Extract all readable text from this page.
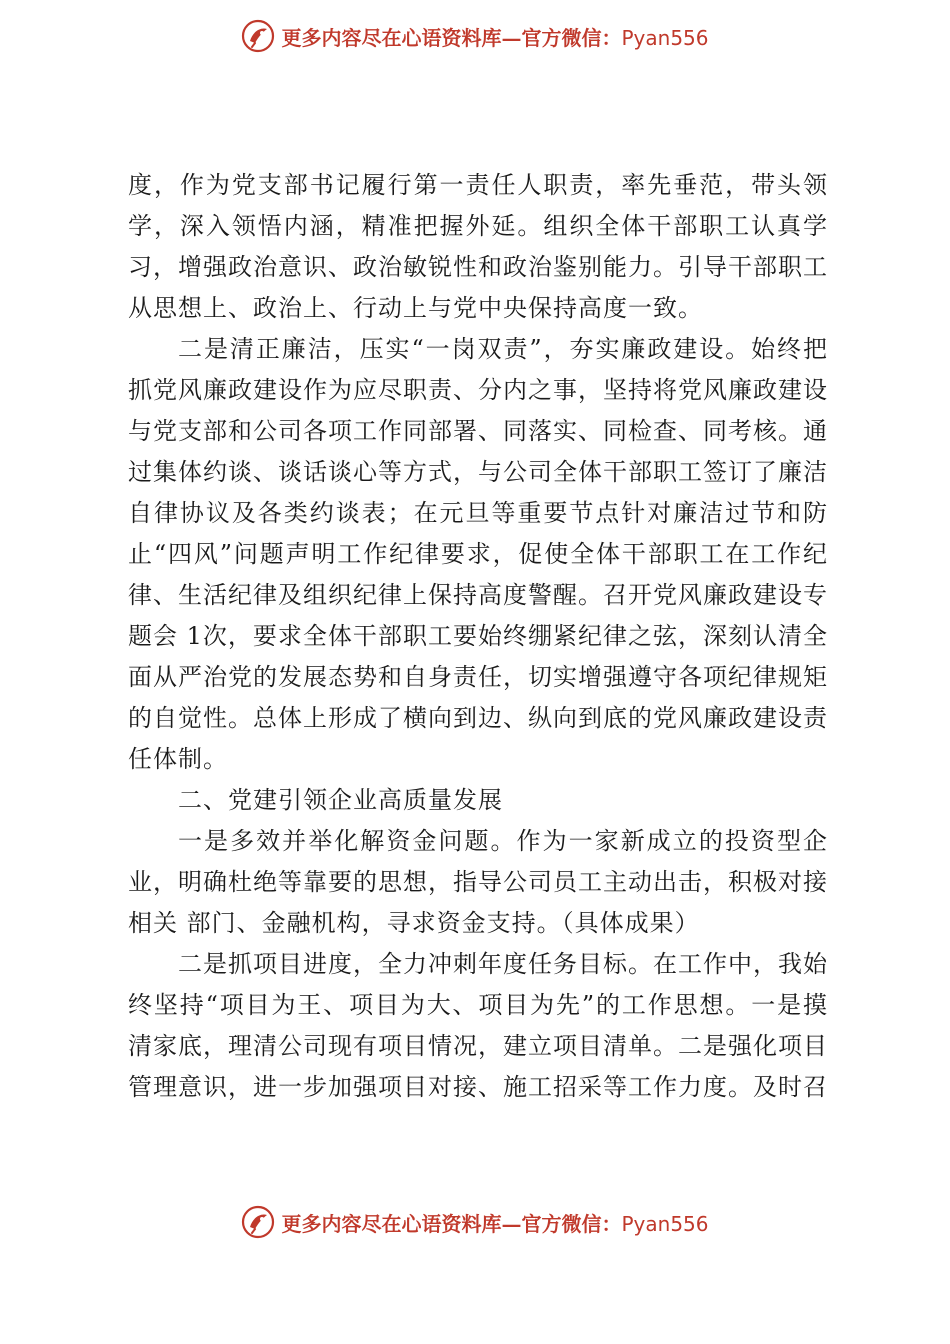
更多内容尽在心语资料库—官方微信：Pyan556

度，作为党支部书记履行第一责任人职责，率先垂范，带头领学，深入领悟内涵，精准把握外延。组织全体干部职工认真学习，增强政治意识、政治敏锐性和政治鉴别能力。引导干部职工从思想上、政治上、行动上与党中央保持高度一致。

二是清正廉洁，压实“一岗双责”，夯实廉政建设。始终把抓党风廉政建设作为应尽职责、分内之事，坚持将党风廉政建设与党支部和公司各项工作同部署、同落实、同检查、同考核。通过集体约谈、谈话谈心等方式，与公司全体干部职工签订了廉洁自律协议及各类约谈表；在元旦等重要节点针对廉洁过节和防止“四风”问题声明工作纪律要求，促使全体干部职工在工作纪律、生活纪律及组织纪律上保持高度警醒。召开党风廉政建设专题会 1次，要求全体干部职工要始终绷紧纪律之弦，深刻认清全面从严治党的发展态势和自身责任，切实增强遵守各项纪律规矩的自觉性。总体上形成了横向到边、纵向到底的党风廉政建设责任体制。

二、党建引领企业高质量发展

一是多效并举化解资金问题。作为一家新成立的投资型企业，明确杜绝等靠要的思想，指导公司员工主动出击，积极对接相关 部门、金融机构，寻求资金支持。（具体成果）

二是抓项目进度，全力冲刺年度任务目标。在工作中，我始终坚持“项目为王、项目为大、项目为先”的工作思想。一是摸清家底，理清公司现有项目情况，建立项目清单。二是强化项目管理意识，进一步加强项目对接、施工招采等工作力度。及时召

更多内容尽在心语资料库—官方微信：Pyan556
